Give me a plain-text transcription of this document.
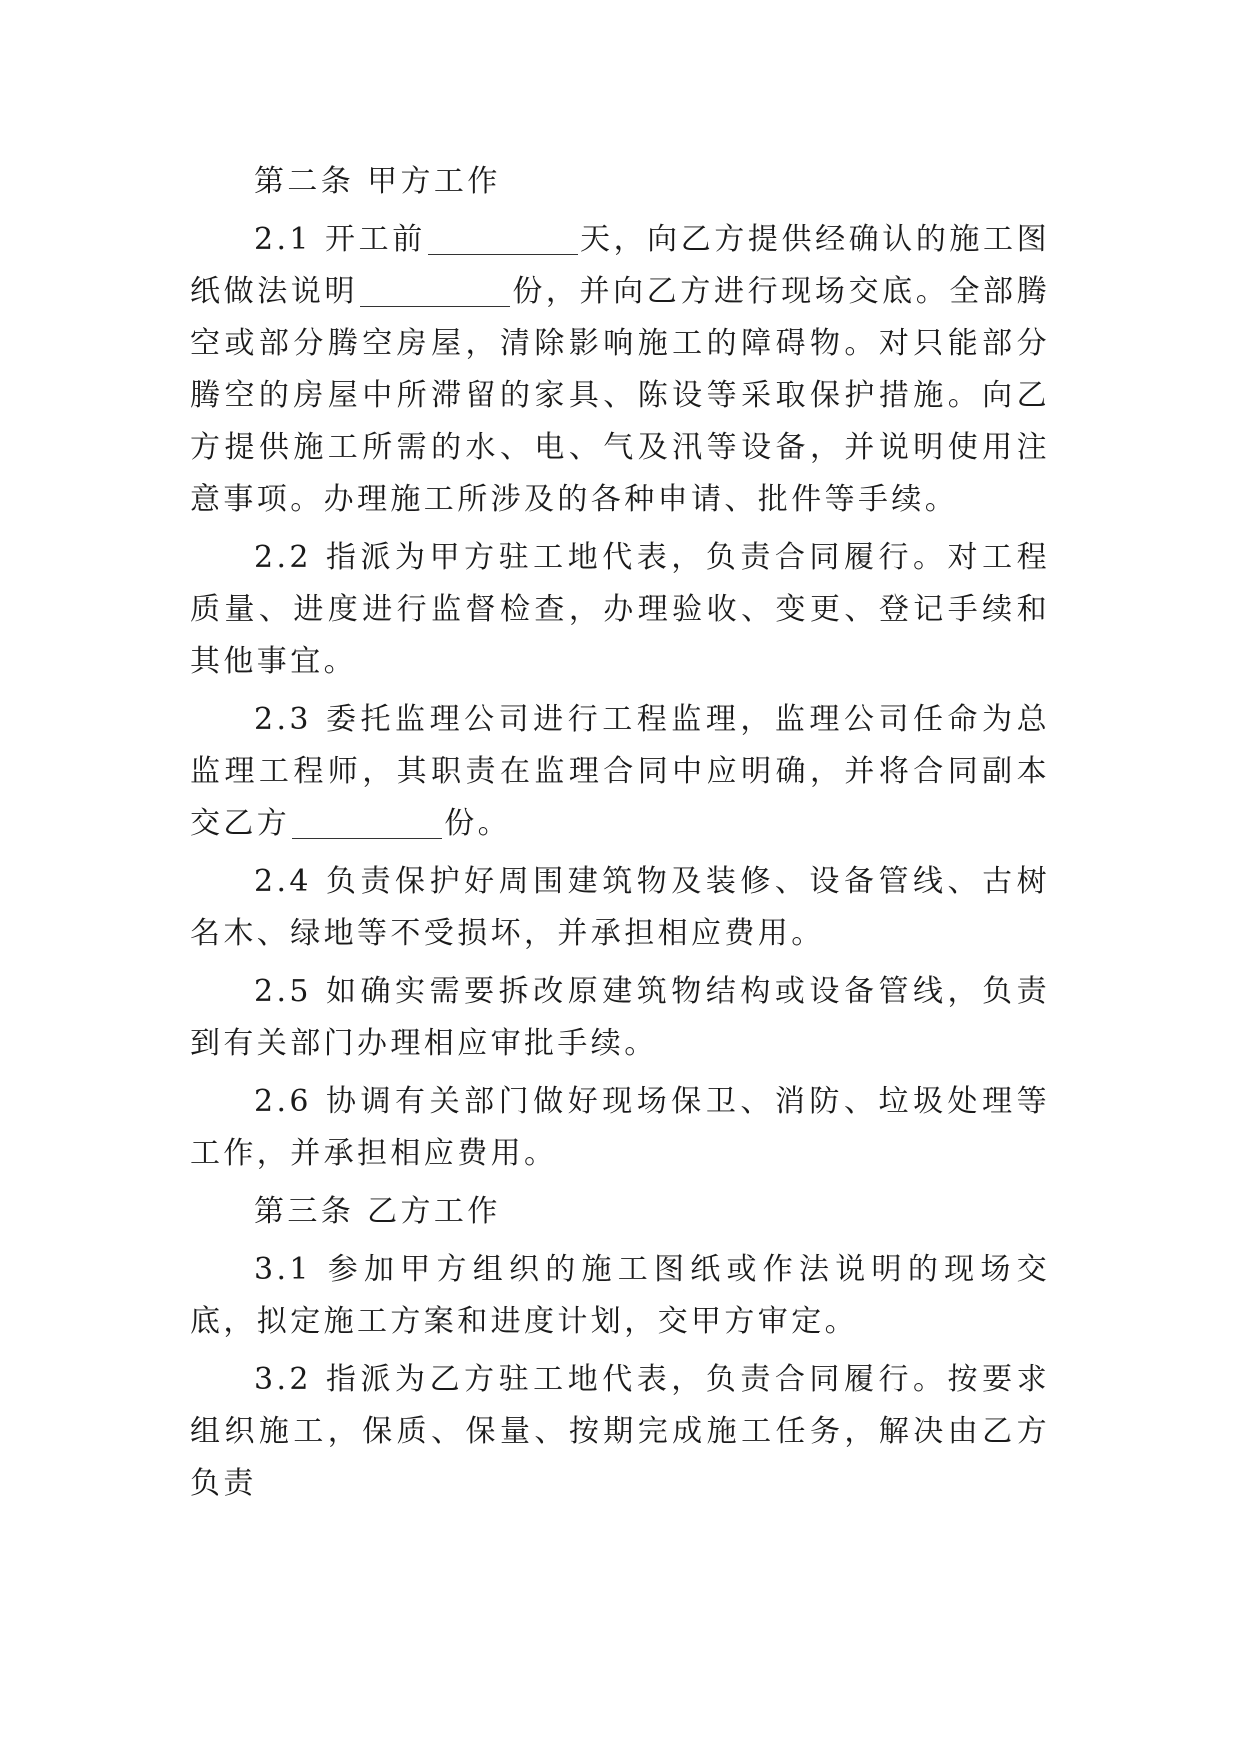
第二条 甲方工作

2.1 开工前	天，向乙方提供经确认的施工图纸做法说明	份，并向乙方进行现场交底。全部腾空或部分腾空房屋，清除影响施工的障碍物。对只能部分腾空的房屋中所滞留的家具、陈设等采取保护措施。向乙方提供施工所需的水、电、气及汛等设备，并说明使用注意事项。办理施工所涉及的各种申请、批件等手续。

2.2 指派为甲方驻工地代表，负责合同履行。对工程质量、进度进行监督检查，办理验收、变更、登记手续和其他事宜。

2.3 委托监理公司进行工程监理，监理公司任命为总监理工程师，其职责在监理合同中应明确，并将合同副本交乙方	份。

2.4 负责保护好周围建筑物及装修、设备管线、古树名木、绿地等不受损坏，并承担相应费用。

2.5 如确实需要拆改原建筑物结构或设备管线，负责到有关部门办理相应审批手续。

2.6 协调有关部门做好现场保卫、消防、垃圾处理等工作，并承担相应费用。

第三条 乙方工作

3.1 参加甲方组织的施工图纸或作法说明的现场交底，拟定施工方案和进度计划，交甲方审定。

3.2 指派为乙方驻工地代表，负责合同履行。按要求组织施工，保质、保量、按期完成施工任务，解决由乙方负责
